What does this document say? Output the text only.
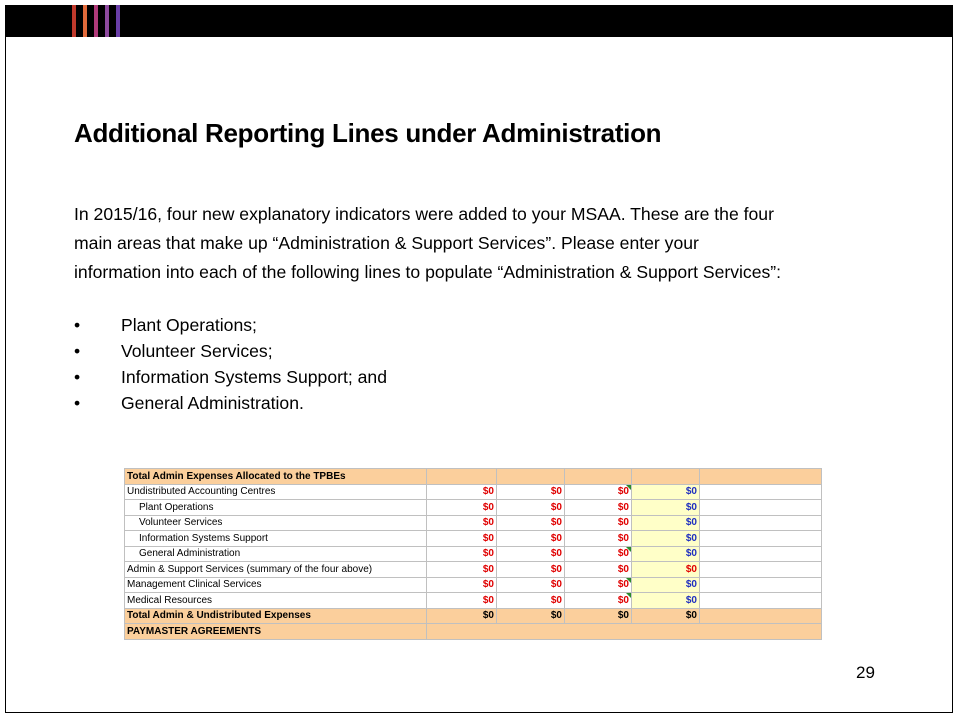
Additional Reporting Lines under Administration

In 2015/16, four new explanatory indicators were added to your MSAA. These are the four

main areas that make up “Administration & Support Services”. Please enter your

information into each of the following lines to populate “Administration & Support Services”:

• Plant Operations;
• Volunteer Services;
• Information Systems Support; and
• General Administration.
Total Admin Expenses Allocated to the TPBEs					
Undistributed Accounting Centres	$0	$0	$0	$0	
Plant Operations	$0	$0	$0	$0	
Volunteer Services	$0	$0	$0	$0	
Information Systems Support	$0	$0	$0	$0	
General Administration	$0	$0	$0	$0	
Admin & Support Services (summary of the four above)	$0	$0	$0	$0	
Management Clinical Services	$0	$0	$0	$0	
Medical Resources	$0	$0	$0	$0	
Total Admin & Undistributed Expenses	$0	$0	$0	$0	
PAYMASTER AGREEMENTS					
29
